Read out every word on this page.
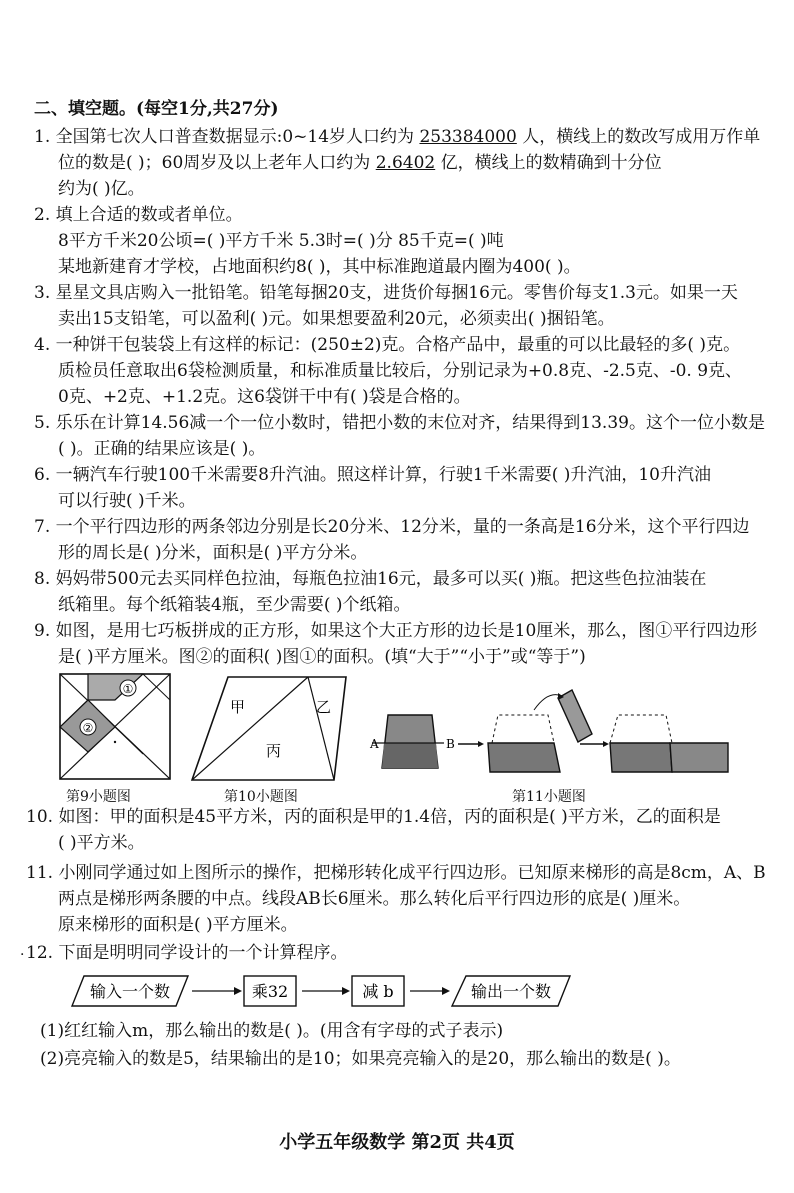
二、填空题。(每空1分,共27分)
1. 全国第七次人口普查数据显示:0~14岁人口约为 253384000 人，横线上的数改写成用万作单
位的数是( )；60周岁及以上老年人口约为 2.6402 亿，横线上的数精确到十分位
约为( )亿。
2. 填上合适的数或者单位。
8平方千米20公顷=( )平方千米 5.3时=( )分 85千克=( )吨
某地新建育才学校，占地面积约8( )，其中标准跑道最内圈为400( )。
3. 星星文具店购入一批铅笔。铅笔每捆20支，进货价每捆16元。零售价每支1.3元。如果一天
卖出15支铅笔，可以盈利( )元。如果想要盈利20元，必须卖出( )捆铅笔。
4. 一种饼干包装袋上有这样的标记：(250±2)克。合格产品中，最重的可以比最轻的多( )克。
质检员任意取出6袋检测质量，和标准质量比较后，分别记录为+0.8克、-2.5克、-0. 9克、
0克、+2克、+1.2克。这6袋饼干中有( )袋是合格的。
5. 乐乐在计算14.56减一个一位小数时，错把小数的末位对齐，结果得到13.39。这个一位小数是
( )。正确的结果应该是( )。
6. 一辆汽车行驶100千米需要8升汽油。照这样计算，行驶1千米需要( )升汽油，10升汽油
可以行驶( )千米。
7. 一个平行四边形的两条邻边分别是长20分米、12分米，量的一条高是16分米，这个平行四边
形的周长是( )分米，面积是( )平方分米。
8. 妈妈带500元去买同样色拉油，每瓶色拉油16元，最多可以买( )瓶。把这些色拉油装在
纸箱里。每个纸箱装4瓶，至少需要( )个纸箱。
9. 如图，是用七巧板拼成的正方形，如果这个大正方形的边长是10厘米，那么，图①平行四边形
是( )平方厘米。图②的面积( )图①的面积。(填“大于”“小于”或“等于”)
①
②
第9小题图
甲	乙
丙
第10小题图
A	B
第11小题图
10. 如图：甲的面积是45平方米，丙的面积是甲的1.4倍，丙的面积是( )平方米，乙的面积是
( )平方米。
11. 小刚同学通过如上图所示的操作，把梯形转化成平行四边形。已知原来梯形的高是8cm，A、B
两点是梯形两条腰的中点。线段AB长6厘米。那么转化后平行四边形的底是( )厘米。
原来梯形的面积是( )平方厘米。
· 12. 下面是明明同学设计的一个计算程序。
输入一个数	乘32	减 b	输出一个数
(1)红红输入m，那么输出的数是( )。(用含有字母的式子表示)
(2)亮亮输入的数是5，结果输出的是10；如果亮亮输入的是20，那么输出的数是( )。
小学五年级数学 第2页 共4页
